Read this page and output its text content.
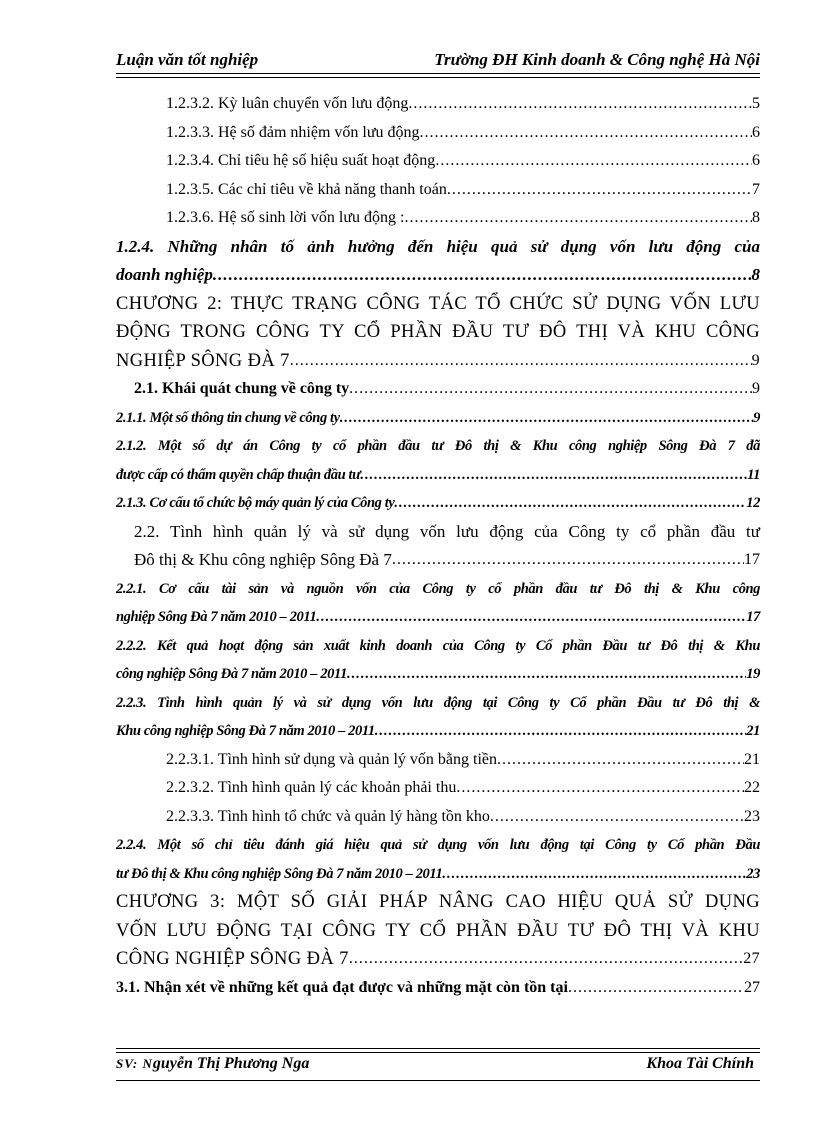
Luận văn tốt nghiệp	Trường ĐH Kinh doanh & Công nghệ Hà Nội
1.2.3.2. Kỳ luân chuyển vốn lưu động .....	5
1.2.3.3. Hệ số đảm nhiệm vốn lưu động .....	6
1.2.3.4. Chỉ tiêu hệ số hiệu suất hoạt động .....	6
1.2.3.5. Các chỉ tiêu về khả năng thanh toán .....	7
1.2.3.6. Hệ số sinh lời vốn lưu động : .....	8
1.2.4. Những nhân tố ảnh hưởng đến hiệu quả sử dụng vốn lưu động của
doanh nghiệp .....	8
CHƯƠNG 2: THỰC TRẠNG CÔNG TÁC TỔ CHỨC SỬ DỤNG VỐN LƯU
ĐỘNG TRONG CÔNG TY CỔ PHẦN ĐẦU TƯ ĐÔ THỊ VÀ KHU CÔNG
NGHIỆP SÔNG ĐÀ 7 .....	9
2.1. Khái quát chung về công ty .....	9
2.1.1. Một số thông tin chung về công ty .....	9
2.1.2. Một số dự án Công ty cổ phần đầu tư Đô thị & Khu công nghiệp Sông Đà 7 đã
được cấp có thẩm quyền chấp thuận đầu tư .....	11
2.1.3. Cơ cấu tổ chức bộ máy quản lý của Công ty .....	12
2.2. Tình hình quản lý và sử dụng vốn lưu động của Công ty cổ phần đầu tư
Đô thị & Khu công nghiệp Sông Đà 7 .....	17
2.2.1. Cơ cấu tài sản và nguồn vốn của Công ty cổ phần đầu tư Đô thị & Khu công
nghiệp Sông Đà 7 năm 2010 – 2011 .....	17
2.2.2. Kết quả hoạt động sản xuất kinh doanh của Công ty Cổ phần Đầu tư Đô thị & Khu
công nghiệp Sông Đà 7 năm 2010 – 2011 .....	19
2.2.3. Tình hình quản lý và sử dụng vốn lưu động tại Công ty Cổ phần Đầu tư Đô thị &
Khu công nghiệp Sông Đà 7 năm 2010 – 2011 .....	21
2.2.3.1. Tình hình sử dụng và quản lý vốn bằng tiền .....	21
2.2.3.2. Tình hình quản lý các khoản phải thu .....	22
2.2.3.3. Tình hình tổ chức và quản lý hàng tồn kho .....	23
2.2.4. Một số chỉ tiêu đánh giá hiệu quả sử dụng vốn lưu động tại Công ty Cổ phần Đầu
tư Đô thị & Khu công nghiệp Sông Đà 7 năm 2010 – 2011 .....	23
CHƯƠNG 3: MỘT SỐ GIẢI PHÁP NÂNG CAO HIỆU QUẢ SỬ DỤNG
VỐN LƯU ĐỘNG TẠI CÔNG TY CỔ PHẦN ĐẦU TƯ ĐÔ THỊ VÀ KHU
CÔNG NGHIỆP SÔNG ĐÀ 7 .....	27
3.1. Nhận xét về những kết quả đạt được và những mặt còn tồn tại .....	27
SV: Nguyễn Thị Phương Nga	Khoa Tài Chính
